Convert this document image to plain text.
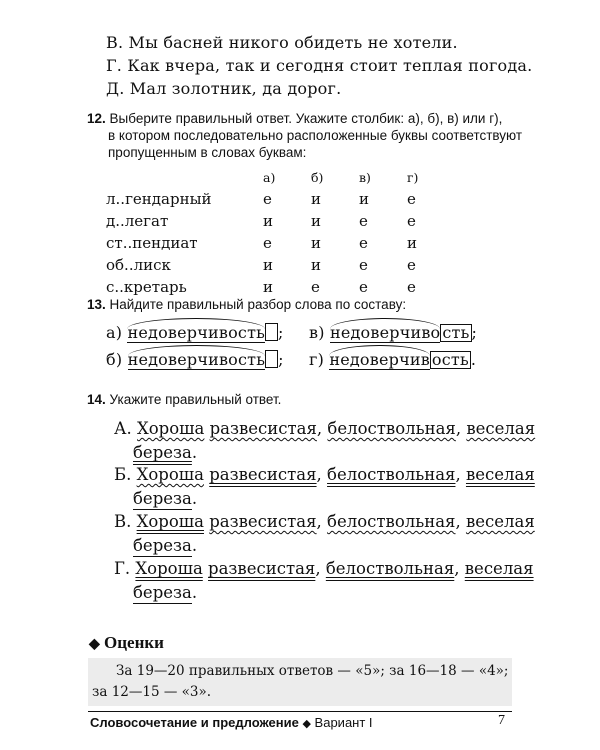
В. Мы басней никого обидеть не хотели.
Г. Как вчера, так и сегодня стоит теплая погода.
Д. Мал золотник, да дорог.
12. Выберите правильный ответ. Укажите столбик: а), б), в) или г),
в котором последовательно расположенные буквы соответствуют
пропущенным в словах буквам:
	а)	б)	в)	г)
л..гендарный	е	и	и	е
д..легат	и	и	е	е
ст..пендиат	е	и	е	и
об..лиск	и	и	е	е
с..кретарь	и	е	е	е
13. Найдите правильный разбор слова по составу:
а) недоверчивость ;
б) недоверчивость ;
в) недоверчиво сть ;
г) недоверчив ость .
14. Укажите правильный ответ.
А. Хороша развесистая, белоствольная, веселая
береза.
Б. Хороша развесистая, белоствольная, веселая
береза.
В. Хороша развесистая, белоствольная, веселая
береза.
Г. Хороша развесистая, белоствольная, веселая
береза.
◆ Оценки
За 19—20 правильных ответов — «5»; за 16—18 — «4»;
за 12—15 — «3».
Словосочетание и предложение ◆ Вариант I	7
